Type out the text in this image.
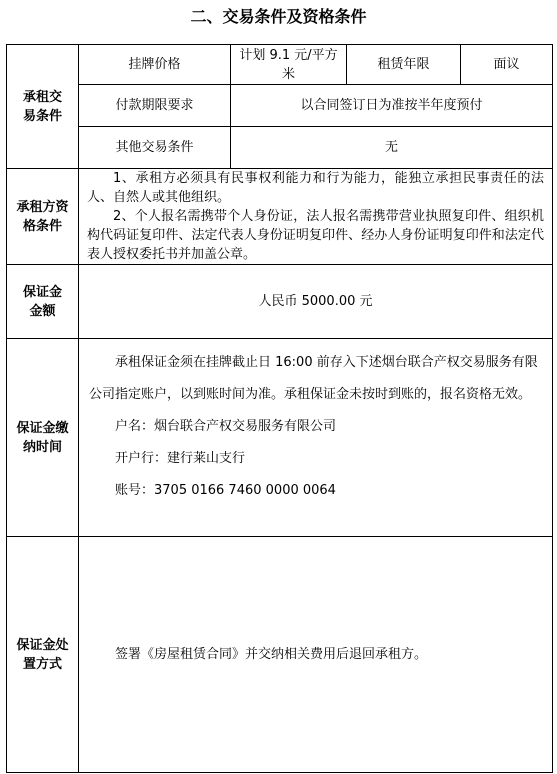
二、交易条件及资格条件
承租交易条件	挂牌价格	计划 9.1 元/平方米	租赁年限	面议
	付款期限要求	以合同签订日为准按半年度预付		
	其他交易条件	无		

承租方资格条件	1、承租方必须具有民事权利能力和行为能力，能独立承担民事责任的法人、自然人或其他组织。

2、个人报名需携带个人身份证，法人报名需携带营业执照复印件、组织机构代码证复印件、法定代表人身份证明复印件、经办人身份证明复印件和法定代表人授权委托书并加盖公章。			

保证金金额	人民币 5000.00 元			

保证金缴纳时间	承租保证金须在挂牌截止日 16:00 前存入下述烟台联合产权交易服务有限公司指定账户，以到账时间为准。承租保证金未按时到账的，报名资格无效。

户名：烟台联合产权交易服务有限公司

开户行：建行莱山支行

账号：3705 0166 7460 0000 0064			

保证金处置方式	签署《房屋租赁合同》并交纳相关费用后退回承租方。			
